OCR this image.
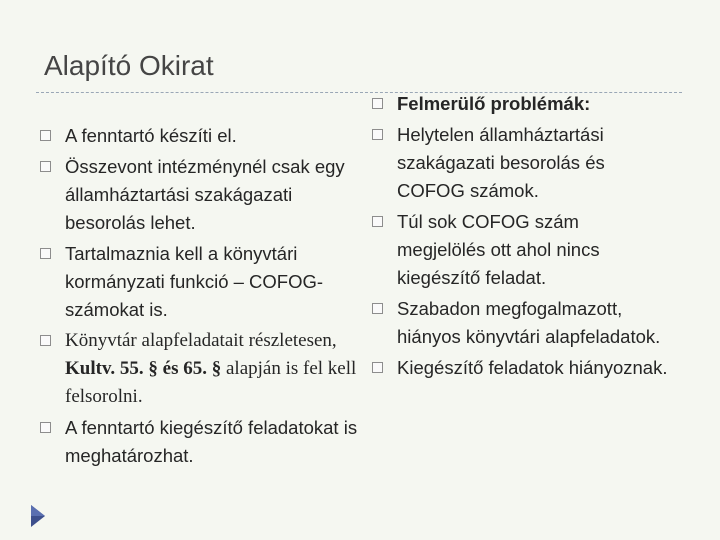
Alapító Okirat
A fenntartó készíti el.
Összevont intézménynél csak egy államháztartási szakágazati besorolás lehet.
Tartalmaznia kell a könyvtári kormányzati funkció – COFOG- számokat is.
Könyvtár alapfeladatait részletesen, Kultv. 55. § és 65. § alapján is fel kell felsorolni.
A fenntartó kiegészítő feladatokat is meghatározhat.
Felmerülő problémák:
Helytelen államháztartási szakágazati besorolás és COFOG számok.
Túl sok COFOG szám megjelölés ott ahol nincs kiegészítő feladat.
Szabadon megfogalmazott, hiányos könyvtári alapfeladatok.
Kiegészítő feladatok hiányoznak.
